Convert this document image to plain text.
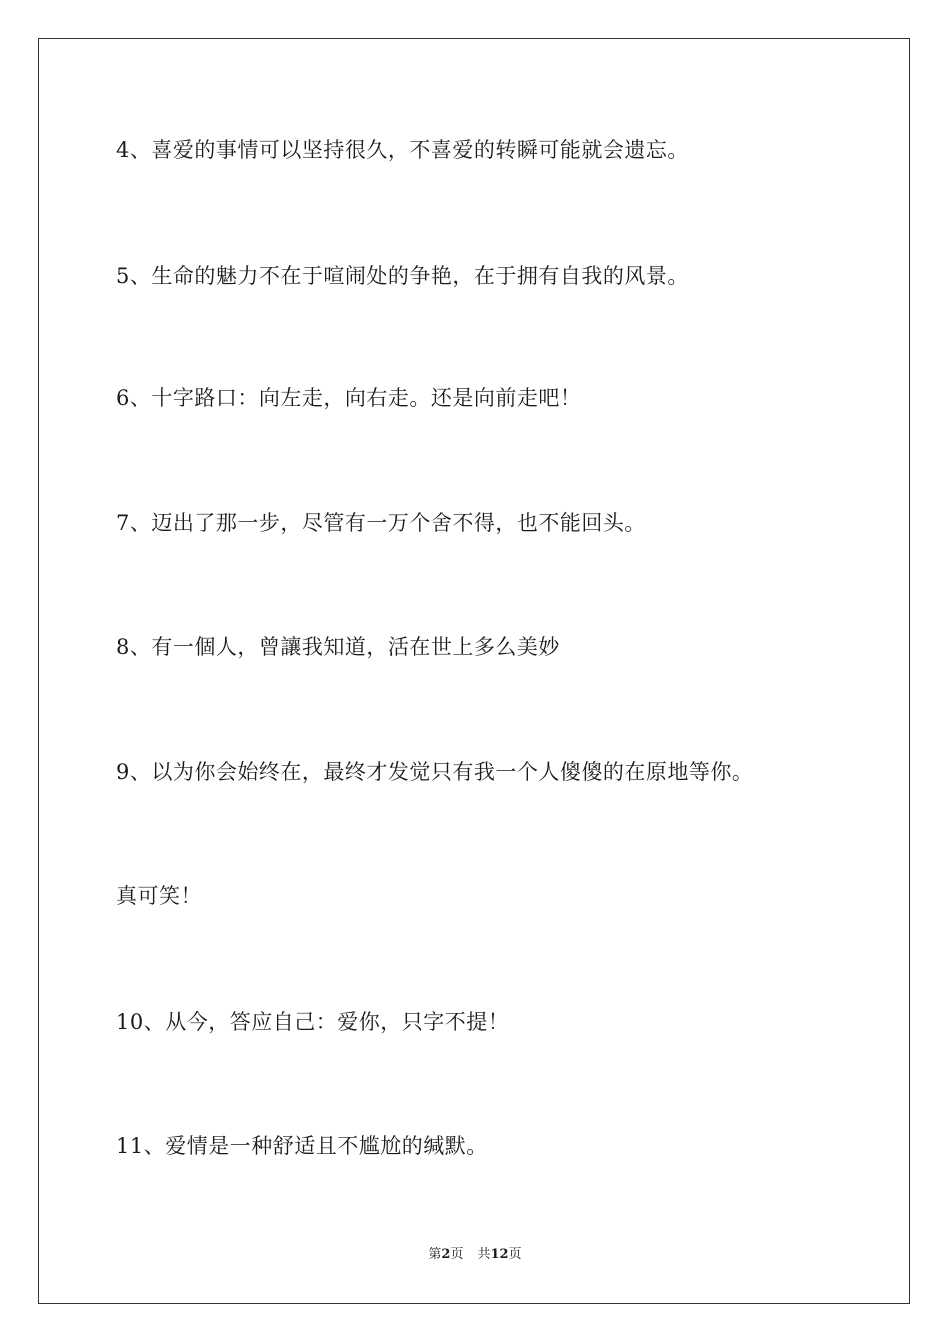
4、喜爱的事情可以坚持很久，不喜爱的转瞬可能就会遗忘。

5、生命的魅力不在于喧闹处的争艳，在于拥有自我的风景。

6、十字路口：向左走，向右走。还是向前走吧！

7、迈出了那一步，尽管有一万个舍不得，也不能回头。

8、有一個人，曾讓我知道，活在世上多么美妙

9、以为你会始终在，最终才发觉只有我一个人傻傻的在原地等你。

真可笑！

10、从今，答应自己：爱你，只字不提！

11、爱情是一种舒适且不尴尬的缄默。

第2页 共12页
